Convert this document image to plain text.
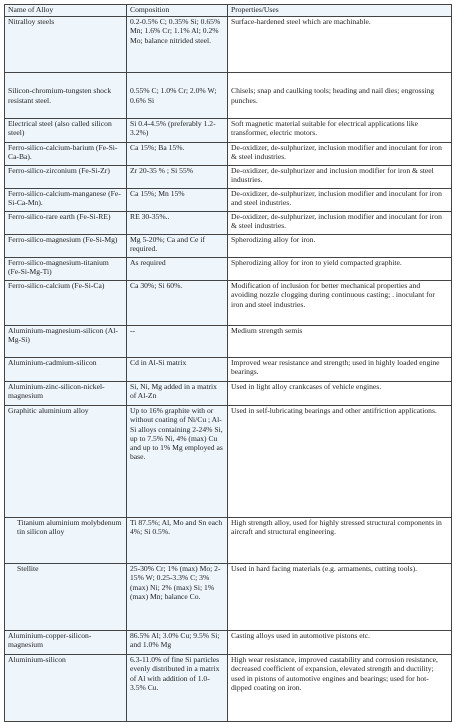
Name of Alloy	Composition	Properties/Uses
Nitralloy steels	0.2-0.5% C; 0.35% Si; 0.65% Mn; 1.6% Cr; 1.1% Al; 0.2% Mo; balance nitrided steel.	Surface-hardened steel which are machinable.
Silicon-chromium-tungsten shock resistant steel.	0.55% C; 1.0% Cr; 2.0% W; 0.6% Si	Chisels; snap and caulking tools; heading and nail dies; engrossing punches.
Electrical steel (also called silicon steel)	Si 0.4-4.5% (preferably 1.2-3.2%)	Soft magnetic material suitable for electrical applications like transformer, electric motors.
Ferro-silico-calcium-barium (Fe-Si-Ca-Ba).	Ca 15%; Ba 15%.	De-oxidizer, de-sulphurizer, inclusion modifier and inoculant for iron & steel industries.
Ferro-silico-zirconium (Fe-Si-Zr)	Zr 20-35 % ; Si 55%	De-oxidizer, de-sulphurizer and inclusion modifier for iron & steel industries.
Ferro-silico-calcium-manganese (Fe-Si-Ca-Mn).	Ca 15%; Mn 15%	De-oxidizer, de-sulphurizer, inclusion modifier and inoculant for iron and steel industries.
Ferro-silico-rare earth (Fe-Si-RE)	RE 30-35%..	De-oxidizer, de-sulphurizer, inclusion modifier and inoculant for iron & steel industries.
Ferro-silico-magnesium (Fe-Si-Mg)	Mg 5-20%; Ca and Ce if required.	Spherodizing alloy for iron.
Ferro-silico-magnesium-titanium (Fe-Si-Mg-Ti)	As required	Spherodizing alloy for iron to yield compacted graphite.
Ferro-silico-calcium (Fe-Si-Ca)	Ca 30%; Si 60%.	Modification of inclusion for better mechanical properties and avoiding nozzle clogging during continuous casting; . inoculant for iron and steel industries.
Aluminium-magnesium-silicon (Al-Mg-Si)	--	Medium strength semis
Aluminium-cadmium-silicon	Cd in Al-Si matrix	Improved wear resistance and strength; used in highly loaded engine bearings.
Aluminium-zinc-silicon-nickel-magnesium	Si, Ni, Mg added in a matrix of Al-Zn	Used in light alloy crankcases of vehicle engines.
Graphitic aluminium alloy	Up to 16% graphite with or without coating of Ni/Cu ; Al-Si alloys containing 2-24% Si, up to 7.5% Ni, 4% (max) Cu and up to 1% Mg employed as base.	Used in self-lubricating bearings and other antifriction applications.
Titanium aluminium molybdenum tin silicon alloy	Ti 87.5%; Al, Mo and Sn each 4%; Si 0.5%.	High strength alloy, used for highly stressed structural components in aircraft and structural engineering.
Stellite	25-30% Cr; 1% (max) Mo; 2-15% W; 0.25-3.3% C; 3% (max) Ni; 2% (max) Si; 1% (max) Mn; balance Co.	Used in hard facing materials (e.g. armaments, cutting tools).
Aluminium-copper-silicon-magnesium	86.5% Al; 3.0% Cu; 9.5% Si; and 1.0% Mg	Casting alloys used in automotive pistons etc.
Aluminium-silicon	6.3-11.0% of fine Si particles evenly distributed in a matrix of Al with addition of 1.0-3.5% Cu.	High wear resistance, improved castability and corrosion resistance, decreased coefficient of expansion, elevated strength and ductility; used in pistons of automotive engines and bearings; used for hot-dipped coating on iron.
